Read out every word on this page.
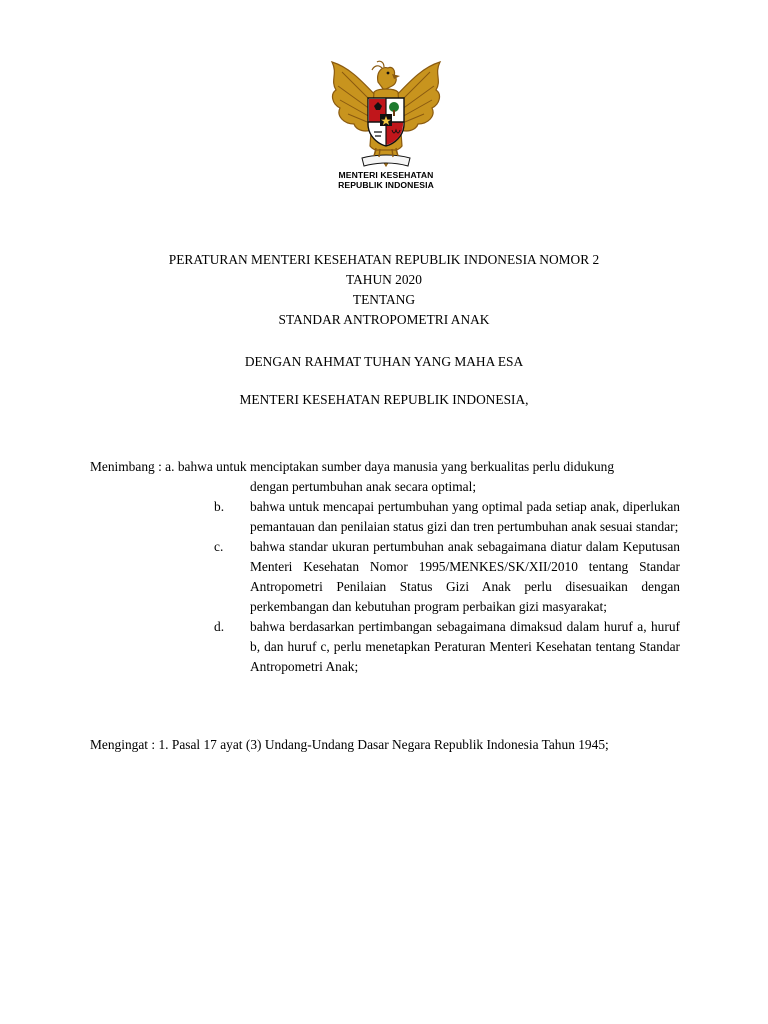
MENTERI KESEHATAN
REPUBLIK INDONESIA
PERATURAN MENTERI KESEHATAN REPUBLIK INDONESIA NOMOR 2
TAHUN 2020
TENTANG
STANDAR ANTROPOMETRI ANAK
DENGAN RAHMAT TUHAN YANG MAHA ESA
MENTERI KESEHATAN REPUBLIK INDONESIA,
Menimbang : a. bahwa untuk menciptakan sumber daya manusia yang berkualitas perlu didukung
dengan pertumbuhan anak secara optimal;
b. bahwa untuk mencapai pertumbuhan yang optimal pada setiap anak, diperlukan pemantauan dan penilaian status gizi dan tren pertumbuhan anak sesuai standar;
c. bahwa standar ukuran pertumbuhan anak sebagaimana diatur dalam Keputusan Menteri Kesehatan Nomor 1995/MENKES/SK/XII/2010 tentang Standar Antropometri Penilaian Status Gizi Anak perlu disesuaikan dengan perkembangan dan kebutuhan program perbaikan gizi masyarakat;
d. bahwa berdasarkan pertimbangan sebagaimana dimaksud dalam huruf a, huruf b, dan huruf c, perlu menetapkan Peraturan Menteri Kesehatan tentang Standar Antropometri Anak;
Mengingat : 1. Pasal 17 ayat (3) Undang-Undang Dasar Negara Republik Indonesia Tahun 1945;
